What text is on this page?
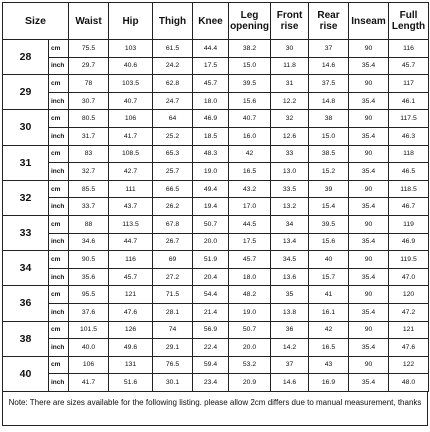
Size		Waist	Hip	Thigh	Knee	Leg opening	Front rise	Rear rise	Inseam	Full Length
28	cm	75.5	103	61.5	44.4	38.2	30	37	90	116
	inch	29.7	40.6	24.2	17.5	15.0	11.8	14.6	35.4	45.7
29	cm	78	103.5	62.8	45.7	39.5	31	37.5	90	117
	inch	30.7	40.7	24.7	18.0	15.6	12.2	14.8	35.4	46.1
30	cm	80.5	106	64	46.9	40.7	32	38	90	117.5
	inch	31.7	41.7	25.2	18.5	16.0	12.6	15.0	35.4	46.3
31	cm	83	108.5	65.3	48.3	42	33	38.5	90	118
	inch	32.7	42.7	25.7	19.0	16.5	13.0	15.2	35.4	46.5
32	cm	85.5	111	66.5	49.4	43.2	33.5	39	90	118.5
	inch	33.7	43.7	26.2	19.4	17.0	13.2	15.4	35.4	46.7
33	cm	88	113.5	67.8	50.7	44.5	34	39.5	90	119
	inch	34.6	44.7	26.7	20.0	17.5	13.4	15.6	35.4	46.9
34	cm	90.5	116	69	51.9	45.7	34.5	40	90	119.5
	inch	35.6	45.7	27.2	20.4	18.0	13.6	15.7	35.4	47.0
36	cm	95.5	121	71.5	54.4	48.2	35	41	90	120
	inch	37.6	47.6	28.1	21.4	19.0	13.8	16.1	35.4	47.2
38	cm	101.5	126	74	56.9	50.7	36	42	90	121
	inch	40.0	49.6	29.1	22.4	20.0	14.2	16.5	35.4	47.6
40	cm	106	131	76.5	59.4	53.2	37	43	90	122
	inch	41.7	51.6	30.1	23.4	20.9	14.6	16.9	35.4	48.0
Note: There are sizes available for the following listing. please allow 2cm differs due to manual measurement, thanks
